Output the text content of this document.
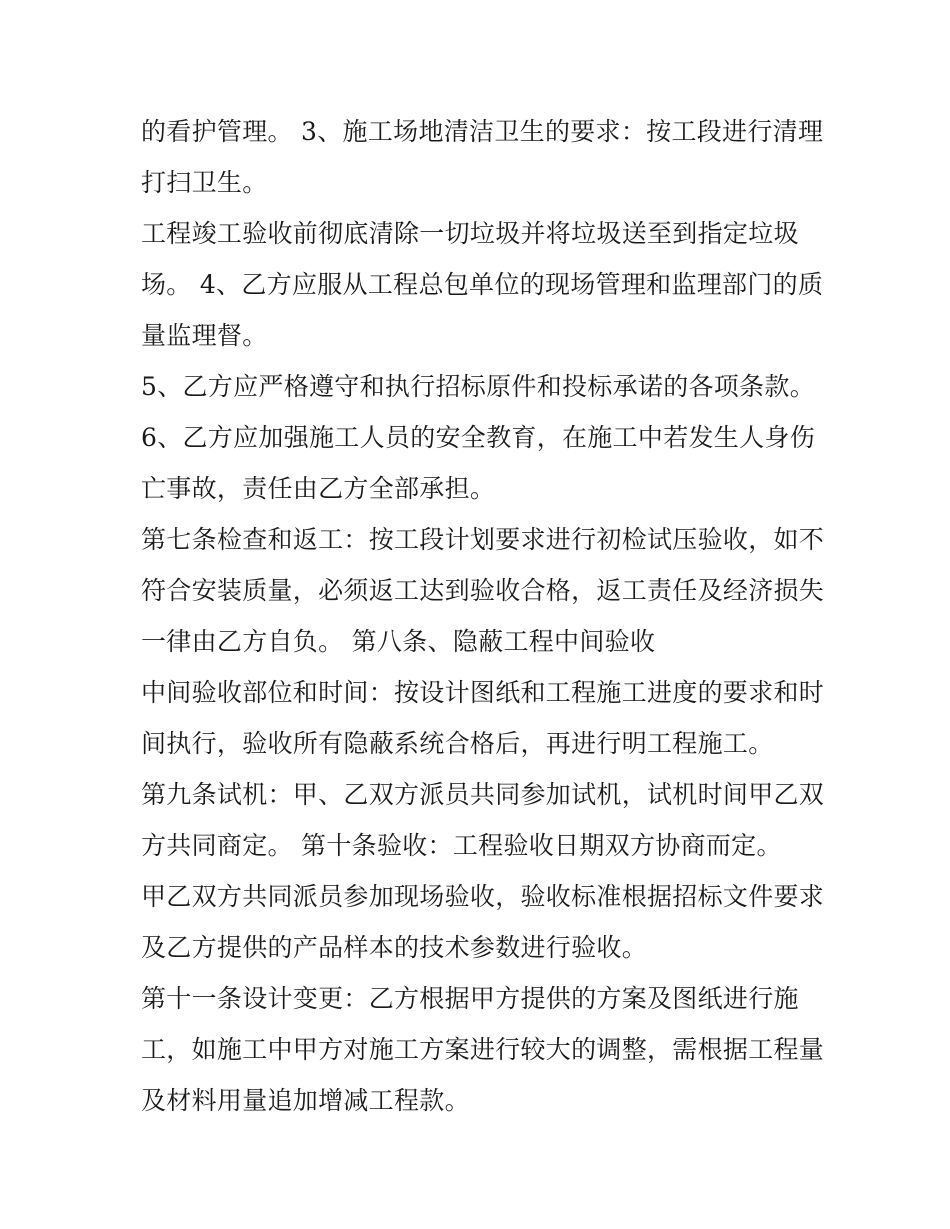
的看护管理。 3、施工场地清洁卫生的要求：按工段进行清理
打扫卫生。

工程竣工验收前彻底清除一切垃圾并将垃圾送至到指定垃圾
场。 4、乙方应服从工程总包单位的现场管理和监理部门的质
量监理督。

5、乙方应严格遵守和执行招标原件和投标承诺的各项条款。

6、乙方应加强施工人员的安全教育，在施工中若发生人身伤
亡事故，责任由乙方全部承担。

第七条检查和返工：按工段计划要求进行初检试压验收，如不
符合安装质量，必须返工达到验收合格，返工责任及经济损失
一律由乙方自负。 第八条、隐蔽工程中间验收

中间验收部位和时间：按设计图纸和工程施工进度的要求和时
间执行，验收所有隐蔽系统合格后，再进行明工程施工。

第九条试机：甲、乙双方派员共同参加试机，试机时间甲乙双
方共同商定。 第十条验收：工程验收日期双方协商而定。

甲乙双方共同派员参加现场验收，验收标准根据招标文件要求
及乙方提供的产品样本的技术参数进行验收。

第十一条设计变更：乙方根据甲方提供的方案及图纸进行施
工，如施工中甲方对施工方案进行较大的调整，需根据工程量
及材料用量追加增减工程款。
